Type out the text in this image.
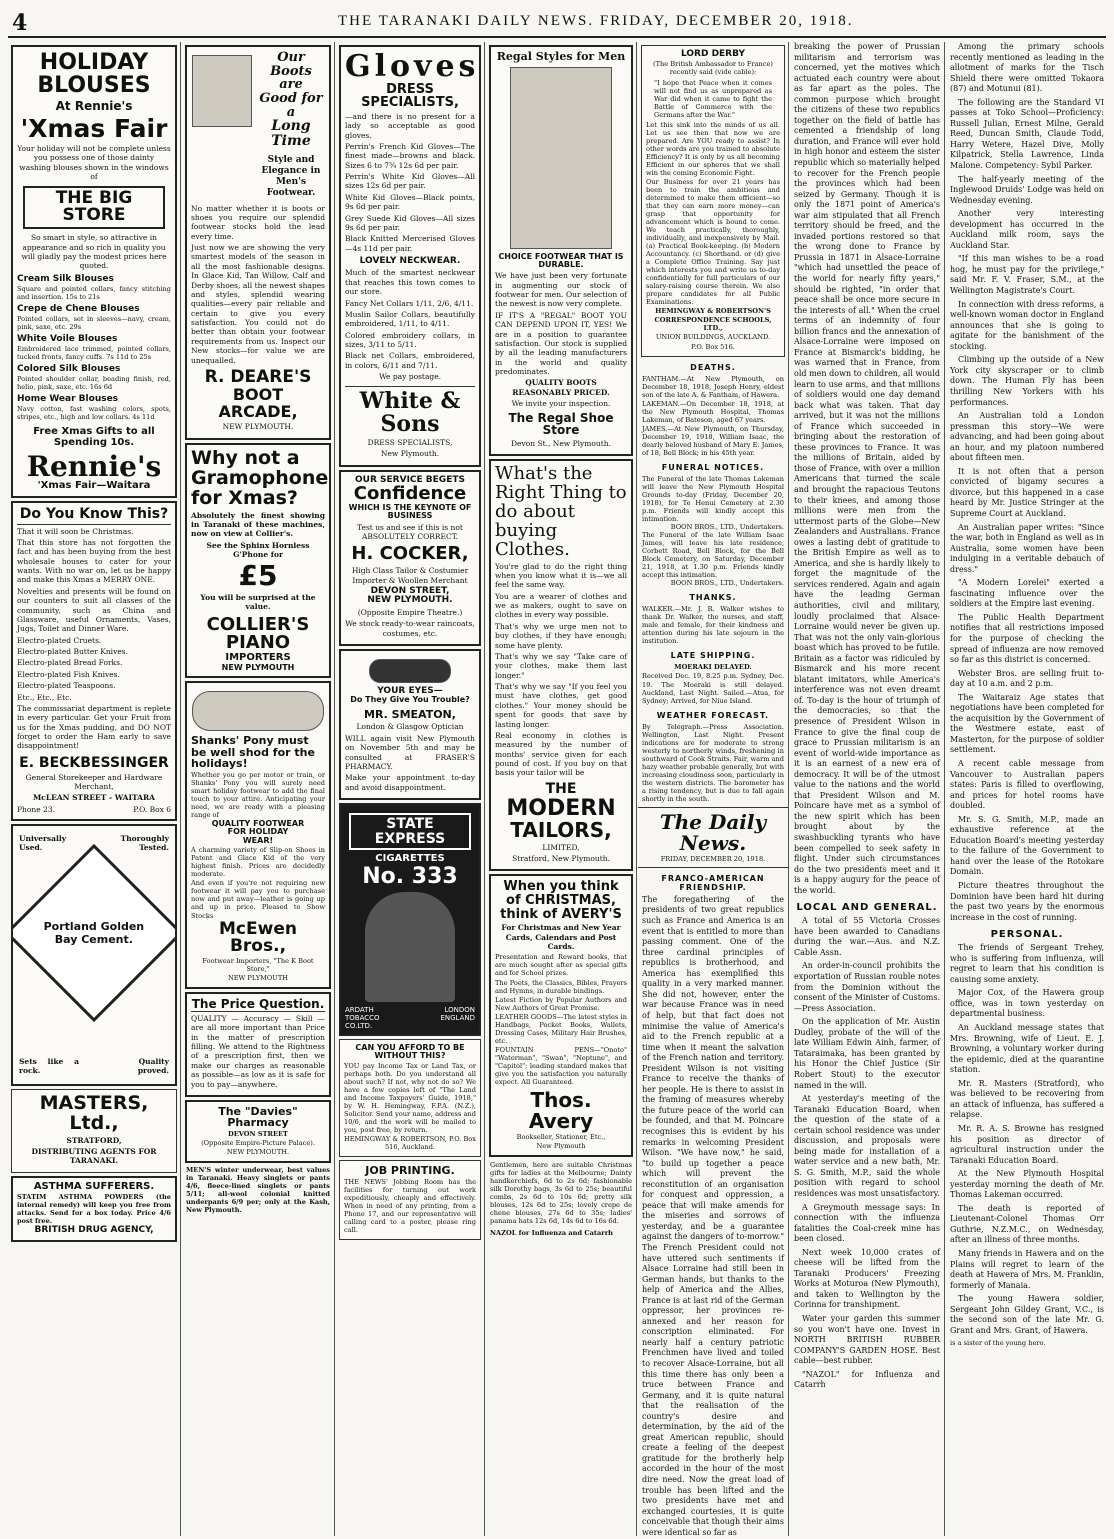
4	THE TARANAKI DAILY NEWS. FRIDAY, DECEMBER 20, 1918.
HOLIDAY
BLOUSES
At Rennie's
'Xmas Fair
Your holiday will not be complete unless you possess one of those dainty washing blouses shown in the windows of
THE BIG STORE
So smart in style, so attractive in appearance and so rich in quality you will gladly pay the modest prices here quoted.
Cream Silk Blouses
Square and pointed collars, fancy stitching and insertion. 15s to 21s
Crepe de Chene Blouses
Pointed collars, set in sleeves—navy, cream, pink, saxe, etc. 29s
White Voile Blouses
Embroidered lace trimmed, pointed collars, tucked fronts, fancy cuffs. 7s 11d to 25s
Colored Silk Blouses
Pointed shoulder collar, beading finish, red, helio, pink, saxe, etc. 16s 6d
Home Wear Blouses
Navy cotton, fast washing colors, spots, stripes, etc., high and low collars. 4s 11d
Free Xmas Gifts to all Spending 10s.
Rennie's
'Xmas Fair—Waitara
Do You Know This?
That it will soon be Christmas.
That this store has not forgotten the fact and has been buying from the best wholesale houses to cater for your wants. With no war on, let us be happy and make this Xmas a MERRY ONE.
Novelties and presents will be found on our counters to suit all classes of the community, such as China and Glassware, useful Ornaments, Vases, Jugs, Toilet and Dinner Ware.
Electro-plated Cruets.
Electro-plated Butter Knives.
Electro-plated Bread Forks.
Electro-plated Fish Knives.
Electro-plated Teaspoons.
Etc., Etc., Etc.
The commissariat department is replete in every particular. Get your Fruit from us for the Xmas pudding, and DO NOT forget to order the Ham early to save disappointment!
E. BECKBESSINGER
General Storekeeper and Hardware Merchant,
McLEAN STREET - WAITARA
Phone 23.	P.O. Box 6
Universally Used.
Thoroughly Tested.
Portland Golden Bay Cement.
Sets like a rock.
Quality proved.
MASTERS, Ltd.,
STRATFORD,
DISTRIBUTING AGENTS FOR TARANAKI.
ASTHMA SUFFERERS.
STATIM ASTHMA POWDERS (the internal remedy) will keep you free from attacks. Send for a box today. Price 4/6 post free.
BRITISH DRUG AGENCY,
Our Boots are
Good for a
Long Time
Style and Elegance in Men's Footwear.
No matter whether it is boots or shoes you require our splendid footwear stocks hold the lead every time.
Just now we are showing the very smartest models of the season in all the most fashionable designs. In Glace Kid, Tan Willow, Calf and Derby shoes, all the newest shapes and styles, splendid wearing qualities—every pair reliable and certain to give you every satisfaction. You could not do better than obtain your footwear requirements from us. Inspect our New stocks—for value we are unequalled.
R. DEARE'S
BOOT
ARCADE,
NEW PLYMOUTH.
Why not a Gramophone for Xmas?
Absolutely the finest showing in Taranaki of these machines, now on view at Collier's.
See the Sphinx Hornless G'Phone for
£5
You will be surprised at the value.
COLLIER'S
PIANO
IMPORTERS
NEW PLYMOUTH
Shanks' Pony must be well shod for the holidays!
Whether you go per motor or train, or Shanks' Pony you will surely need smart holiday footwear to add the final touch to your attire. Anticipating your need, we are ready with a pleasing range of
QUALITY FOOTWEAR
FOR HOLIDAY
WEAR!
A charming variety of Slip-on Shoes in Patent and Glace Kid of the very highest finish. Prices are decidedly moderate.
And even if you're not requiring new footwear it will pay you to purchase now and put away—leather is going up and up in price. Pleased to Show Stocks
McEwen Bros.,
Footwear Importers, "The K Boot Store,"
NEW PLYMOUTH
The Price Question.
QUALITY — Accuracy — Skill — are all more important than Price in the matter of prescription filling. We attend to the Rightness of a prescription first, then we make our charges as reasonable as possible—as low as it is safe for you to pay—anywhere.
The "Davies" Pharmacy
DEVON STREET
(Opposite Empire-Picture Palace).
NEW PLYMOUTH.
MEN'S winter underwear, best values in Taranaki. Heavy singlets or pants 4/6, fleece-lined singlets or pants 5/11; all-wool colonial knitted underpants 6/9 per; only at the Kash, New Plymouth.
Gloves
DRESS SPECIALISTS,
—and there is no present for a lady so acceptable as good gloves.
Perrin's French Kid Gloves—The finest made—browns and black. Sizes 6 to 7¾ 12s 6d per pair.
Perrin's White Kid Gloves—All sizes 12s 6d per pair.
White Kid Gloves—Black points, 9s 6d per pair.
Grey Suede Kid Gloves—All sizes 9s 6d per pair.
Black Knitted Mercerised Gloves—4s 11d per pair.
LOVELY NECKWEAR.
Much of the smartest neckwear that reaches this town comes to our store.
Fancy Net Collars 1/11, 2/6, 4/11.
Muslin Sailor Collars, beautifully embroidered, 1/11, to 4/11.
Colored embroidery collars, in sizes, 3/11 to 5/11.
Black net Collars, embroidered, in colors, 6/11 and 7/11.
We pay postage.
White & Sons
DRESS SPECIALISTS,
New Plymouth.
OUR SERVICE BEGETS
Confidence
WHICH IS THE KEYNOTE OF BUSINESS
Test us and see if this is not ABSOLUTELY CORRECT.
H. COCKER,
High Class Tailor & Costumier Importer & Woollen Merchant
DEVON STREET,
NEW PLYMOUTH.
(Opposite Empire Theatre.)
We stock ready-to-wear raincoats, costumes, etc.
YOUR EYES—
Do They Give You Trouble?
MR. SMEATON,
London & Glasgow Optician
WILL again visit New Plymouth on November 5th and may be consulted at FRASER'S PHARMACY.
Make your appointment to-day and avoid disappointment.
STATE EXPRESS
CIGARETTES
No. 333
ARDATH TOBACCO CO.LTD.
LONDON ENGLAND
CAN YOU AFFORD TO BE WITHOUT THIS?
YOU pay Income Tax or Land Tax, or perhaps both. Do you understand all about such? If not, why not do so? We have a few copies left of "The Land and Income Taxpayers' Guide, 1918," by W. H. Hemingway, F.P.A. (N.Z.), Solicitor. Send your name, address and 10/6, and the work will be mailed to you, post free, by return.
HEMINGWAY & ROBERTSON, P.O. Box 516, Auckland.
JOB PRINTING.
THE NEWS' Jobbing Room has the facilities for turning out work expeditiously, cheaply and effectively. When in need of any printing, from a Phone 17, and our representative will calling card to a poster, please ring call.
Regal Styles for Men
CHOICE FOOTWEAR THAT IS DURABLE.
We have just been very fortunate in augmenting our stock of footwear for men. Our selection of the newest is now very complete.
IF IT'S A "REGAL" BOOT YOU CAN DEPEND UPON IT, YES! We are in a position to guarantee satisfaction. Our stock is supplied by all the leading manufacturers in the world and quality predominates.
QUALITY BOOTS REASONABLY PRICED.
We invite your inspection.
The Regal Shoe Store
Devon St., New Plymouth.
What's the Right Thing to do about buying Clothes.
You're glad to do the right thing when you know what it is—we all feel the same way.
You are a wearer of clothes and we as makers, ought to save on clothes in every way possible.
That's why we urge men not to buy clothes, if they have enough; some have plenty.
That's why we say "Take care of your clothes, make them last longer."
That's why we say "If you feel you must have clothes, get good clothes." Your money should be spent for goods that save by lasting longer.
Real economy in clothes is measured by the number of months' service given for each pound of cost. If you buy on that basis your tailor will be
THE
MODERN
TAILORS,
LIMITED,
Stratford, New Plymouth.
When you think of CHRISTMAS, think of AVERY'S
For Christmas and New Year Cards, Calendars and Post Cards.
Presentation and Reward books, that are much sought after as special gifts and for School prizes.
The Poets, the Classics, Bibles, Prayers and Hymns, in durable bindings.
Latest Fiction by Popular Authors and New Authors of Great Promise.
LEATHER GOODS—The latest styles in Handbags, Pocket Books, Wallets, Dressing Cases, Military Hair Brushes, etc.
FOUNTAIN PENS—"Onoto" "Waterman", "Swan", "Neptune", and "Capitol"; leading standard makes that give you the satisfaction you naturally expect. All Guaranteed.
Thos. Avery
Bookseller, Stationer, Etc.,
New Plymouth
Gentlemen, here are suitable Christmas gifts for ladies at the Melbourne; Dainty handkerchiefs, 6d to 2s 6d; fashionable silk Dorothy bags, 3s 6d to 25s; beautiful combs, 2s 6d to 10s 6d; pretty silk blouses, 12s 6d to 25s; lovely crepe de chene blouses, 27s 6d to 35s; ladies' panama hats 12s 6d, 14s 6d to 16s 6d.
NAZOL for Influenza and Catarrh
LORD DERBY
(The British Ambassador to France) recently said (vide cable):
"I hope that Peace when it comes will not find us as unprepared as War did when it came to fight the Battle of Commerce with the Germans after the War."
Let this sink into the minds of us all. Let us see then that now we are prepared. Are YOU ready to assist? In other words are you trained to absolute Efficiency? It is only by us all becoming Efficient in our spheres that we shall win the coming Economic Fight.
Our Business for over 21 years has been to train the ambitious and determined to make them efficient—so that they can earn more money—can grasp that opportunity for advancement which is bound to come. We teach practically, thoroughly, individually, and inexpensively by Mail. (a) Practical Book-keeping. (b) Modern Accountancy. (c) Shorthand. or (d) give a Complete Office Training. Say just which interests you and write us to-day confidentially for full particulars of our salary-raising course therein. We also prepare candidates for all Public Examinations.
HEMINGWAY & ROBERTSON'S
CORRESPONDENCE SCHOOLS, LTD.,
UNION BUILDINGS, AUCKLAND.
P.O. Box 516.
DEATHS.
FANTHAM.—At New Plymouth, on December 18, 1918, Joseph Henry, eldest son of the late A. & Fantham, of Hawera.
LAKEMAN.—On December 18, 1918, at the New Plymouth Hospital, Thomas Lakeman, of Bateson, aged 67 years.
JAMES.—At New Plymouth, on Thursday, December 19, 1918, William Isaac, the dearly beloved husband of Mary E. James, of 18, Bell Block; in his 45th year.
FUNERAL NOTICES.
The Funeral of the late Thomas Lakeman will leave the New Plymouth Hospital Grounds to-day (Friday, December 20, 1918), for Te Henui Cemetery at 2.30 p.m. Friends will kindly accept this intimation.
BOON BROS., LTD., Undertakers.
The Funeral of the late William Isaac James, will leave his late residence, Corbett Road, Bell Block, for the Bell Block Cemetery, on Saturday, December 21, 1918, at 1.30 p.m. Friends kindly accept this intimation.
BOON BROS., LTD., Undertakers.
THANKS.
WALKER.—Mr. J. R. Walker wishes to thank Dr. Walker, the nurses, and staff, male and female, for their kindness and attention during his late sojourn in the institution.
LATE SHIPPING.
MOERAKI DELAYED.
Received Dec. 19, 8.25 p.m. Sydney, Dec. 19. The Moeraki is still delayed. Auckland, Last Night. Sailed.—Atua, for Sydney; Arrived, for Niue Island.
WEATHER FORECAST.
By Telegraph.—Press Association. Wellington, Last Night. Present indications are for moderate to strong westerly to northerly winds, freshening in southward of Cook Straits. Fair, warm and hazy weather probable generally, but with increasing cloudiness soon, particularly in the western districts. The barometer has a rising tendency, but is due to fall again shortly in the south.
The Daily News.
FRIDAY, DECEMBER 20, 1918.
FRANCO-AMERICAN FRIENDSHIP.
The foregathering of the presidents of two great republics such as France and America is an event that is entitled to more than passing comment. One of the three cardinal principles of republics is brotherhood, and America has exemplified this quality in a very marked manner. She did not, however, enter the war because France was in need of help, but that fact does not minimise the value of America's aid to the French republic at a time when it meant the salvation of the French nation and territory. President Wilson is not visiting France to receive the thanks of her people. He is there to assist in the framing of measures whereby the future peace of the world can be founded, and that M. Poincare recognises this is evident by his remarks in welcoming President Wilson. "We have now," he said, "to build up together a peace which will prevent the reconstitution of an organisation for conquest and oppression, a peace that will make amends for the miseries and sorrows of yesterday, and be a guarantee against the dangers of to-morrow." The French President could not have uttered such sentiments if Alsace Lorraine had still been in German hands, but thanks to the help of America and the Allies, France is at last rid of the German oppressor, her provinces re-annexed and her reason for conscription eliminated. For nearly half a century patriotic Frenchmen have lived and toiled to recover Alsace-Lorraine, but all this time there has only been a truce between France and Germany, and it is quite natural that the realisation of the country's desire and determination, by the aid of the great American republic, should create a feeling of the deepest gratitude for the brotherly help accorded in the hour of the most dire need. Now the great load of trouble has been lifted and the two presidents have met and exchanged courtesies, it is quite conceivable that though their aims were identical so far as
breaking the power of Prussian militarism and terrorism was concerned, yet the motives which actuated each country were about as far apart as the poles. The common purpose which brought the citizens of these two republics together on the field of battle has cemented a friendship of long duration, and France will ever hold in high honor and esteem the sister republic which so materially helped to recover for the French people the provinces which had been seized by Germany. Though it is only the 1871 point of America's war aim stipulated that all French territory should be freed, and the invaded portions restored so that the wrong done to France by Prussia in 1871 in Alsace-Lorraine "which had unsettled the peace of the world for nearly fifty years," should be righted, "in order that peace shall be once more secure in the interests of all." When the cruel terms of an indemnity of four billion francs and the annexation of Alsace-Lorraine were imposed on France at Bismarck's bidding, he was warned that in France, from old men down to children, all would learn to use arms, and that millions of soldiers would one day demand back what was taken. That day arrived, but it was not the millions of France which succeeded in bringing about the restoration of these provinces to France. It was the millions of Britain, aided by those of France, with over a million Americans that turned the scale and brought the rapacious Teutons to their knees, and among those millions were men from the uttermost parts of the Globe—New Zealanders and Australians. France owes a lasting debt of gratitude to the British Empire as well as to America, and she is hardly likely to forget the magnitude of the services rendered. Again and again have the leading German authorities, civil and military, loudly proclaimed that Alsace-Lorraine would never be given up. That was not the only vain-glorious boast which has proved to be futile. Britain as a factor was ridiculed by Bismarck and his more recent blatant imitators, while America's interference was not even dreamt of. To-day is the hour of triumph of the democracies, so that the presence of President Wilson in France to give the final coup de grace to Prussian militarism is an event of world-wide importance as it is an earnest of a new era of democracy. It will be of the utmost value to the nations and the world that President Wilson and M. Poincare have met as a symbol of the new spirit which has been brought about by the swashbuckling tyrants who have been compelled to seek safety in flight. Under such circumstances do the two presidents meet and it is a happy augury for the peace of the world.
LOCAL AND GENERAL.
A total of 55 Victoria Crosses have been awarded to Canadians during the war.—Aus. and N.Z. Cable Assn.
An order-in-council prohibits the exportation of Russian rouble notes from the Dominion without the consent of the Minister of Customs.—Press Association.
On the application of Mr. Austin Dudley, probate of the will of the late William Edwin Ainh, farmer, of Tataraimaka, has been granted by his Honor the Chief Justice (Sir Robert Stout) to the executor named in the will.
At yesterday's meeting of the Taranaki Education Board, when the question of the state of a certain school residence was under discussion, and proposals were being made for installation of a water service and a new bath, Mr. S. G. Smith, M.P., said the whole position with regard to school residences was most unsatisfactory.
A Greymouth message says: In connection with the influenza fatalities the Coal-creek mine has been closed.
Next week 10,000 crates of cheese will be lifted from the Taranaki Producers' Freezing Works at Moturoa (New Plymouth), and taken to Wellington by the Corinna for transhipment.
Water your garden this summer so you won't have one. Invest in NORTH BRITISH RUBBER COMPANY'S GARDEN HOSE. Best cable—best rubber.
"NAZOL" for Influenza and Catarrh
Among the primary schools recently mentioned as leading in the allotment of marks for the Tisch Shield there were omitted Tokaora (87) and Motunui (81).
The following are the Standard VI passes at Toko School—Proficiency: Russell Julian, Ernest Milne, Gerald Reed, Duncan Smith, Claude Todd, Harry Wetere, Hazel Dive, Molly Kilpatrick, Stella Lawrence, Linda Malone. Competency: Sybil Parker.
The half-yearly meeting of the Inglewood Druids' Lodge was held on Wednesday evening.
Another very interesting development has occurred in the Auckland milk room, says the Auckland Star.
"If this man wishes to be a road hog, he must pay for the privilege," said Mr. F. V. Fraser, S.M., at the Wellington Magistrate's Court.
In connection with dress reforms, a well-known woman doctor in England announces that she is going to agitate for the banishment of the stocking.
Climbing up the outside of a New York city skyscraper or to climb down. The Human Fly has been thrilling New Yorkers with his performances.
An Australian told a London pressman this story—We were advancing, and had been going about an hour, and my platoon numbered about fifteen men.
It is not often that a person convicted of bigamy secures a divorce, but this happened in a case heard by Mr. Justice Stringer at the Supreme Court at Auckland.
An Australian paper writes: "Since the war, both in England as well as in Australia, some women have been indulging in a veritable debauch of dress."
"A Modern Lorelei" exerted a fascinating influence over the soldiers at the Empire last evening.
The Public Health Department notifies that all restrictions imposed for the purpose of checking the spread of influenza are now removed so far as this district is concerned.
Webster Bros. are selling fruit to-day at 10 a.m. and 2 p.m.
The Waitaraiz Age states that negotiations have been completed for the acquisition by the Government of the Westmere estate, east of Masterton, for the purpose of soldier settlement.
A recent cable message from Vancouver to Australian papers states: Paris is filled to overflowing, and prices for hotel rooms have doubled.
Mr. S. G. Smith, M.P., made an exhaustive reference at the Education Board's meeting yesterday to the failure of the Government to hand over the lease of the Rotokare Domain.
Picture theatres throughout the Dominion have been hard hit during the past two years by the enormous increase in the cost of running.
PERSONAL.
The friends of Sergeant Trehey, who is suffering from influenza, will regret to learn that his condition is causing some anxiety.
Major Cox, of the Hawera group office, was in town yesterday on departmental business.
An Auckland message states that Mrs. Browning, wife of Lieut. E. J. Browning, a voluntary worker during the epidemic, died at the quarantine station.
Mr. R. Masters (Stratford), who was believed to be recovering from an attack of influenza, has suffered a relapse.
Mr. R. A. S. Browne has resigned his position as director of agricultural instruction under the Taranaki Education Board.
At the New Plymouth Hospital yesterday morning the death of Mr. Thomas Lakeman occurred.
The death is reported of Lieutenant-Colonel Thomas Orr Guthrie, N.Z.M.C., on Wednesday, after an illness of three months.
Many friends in Hawera and on the Plains will regret to learn of the death at Hawera of Mrs. M. Franklin, formerly of Manaia.
The young Hawera soldier, Sergeant John Gildey Grant, V.C., is the second son of the late Mr. G. Grant and Mrs. Grant, of Hawera.
is a sister of the young hero.
